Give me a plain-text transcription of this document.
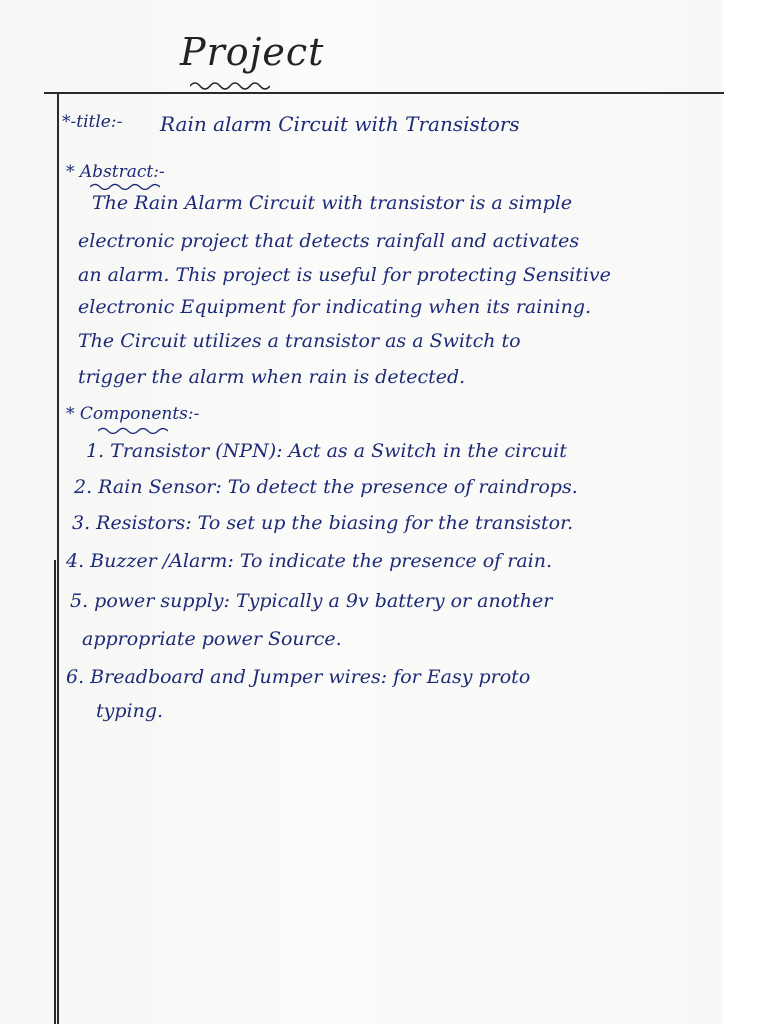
Project
*-title:- Rain alarm Circuit with Transistors
* Abstract:-
The Rain Alarm Circuit with transistor is a simple
electronic project that detects rainfall and activates
an alarm. This project is useful for protecting Sensitive
electronic Equipment for indicating when its raining.
The Circuit utilizes a transistor as a Switch to
trigger the alarm when rain is detected.
* Components:-
1. Transistor (NPN): Act as a Switch in the circuit
2. Rain Sensor: To detect the presence of raindrops.
3. Resistors: To set up the biasing for the transistor.
4. Buzzer /Alarm: To indicate the presence of rain.
5. power supply: Typically a 9v battery or another
appropriate power Source.
6. Breadboard and Jumper wires: for Easy proto
typing.
